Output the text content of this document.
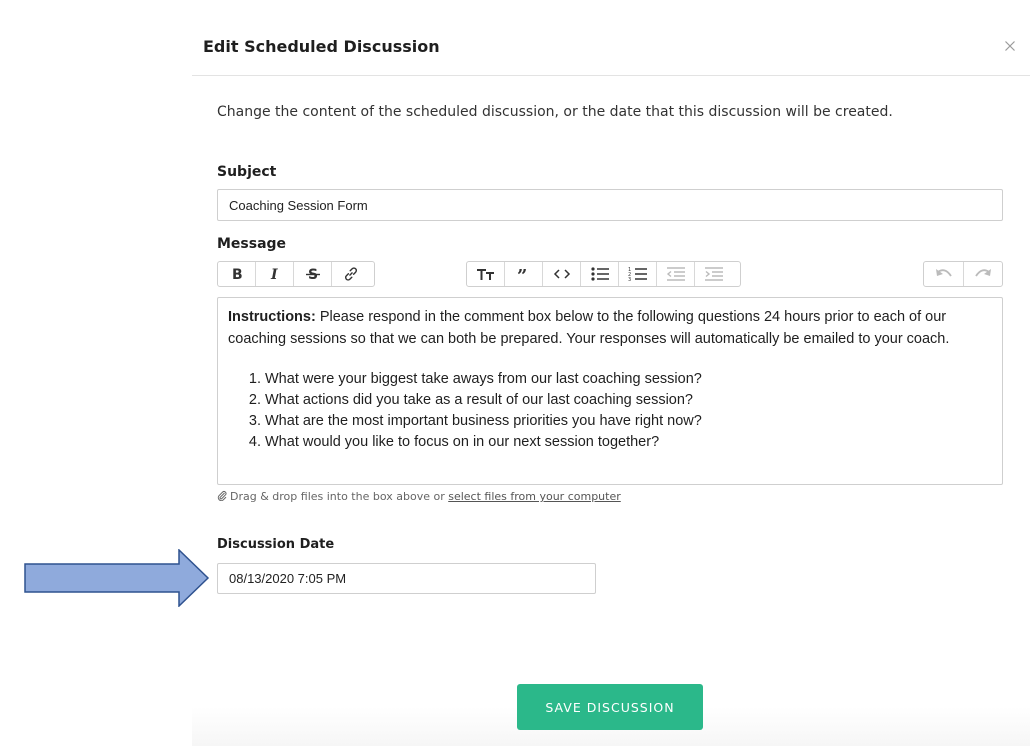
Edit Scheduled Discussion
Change the content of the scheduled discussion, or the date that this discussion will be created.
Subject
Coaching Session Form
Message
B I S	”	1
2
3

Instructions: Please respond in the comment box below to the following questions 24 hours prior to each of our coaching sessions so that we can both be prepared. Your responses will automatically be emailed to your coach.

1. What were your biggest take aways from our last coaching session?
2. What actions did you take as a result of our last coaching session?
3. What are the most important business priorities you have right now?
4. What would you like to focus on in our next session together?
Drag & drop files into the box above or select files from your computer
Discussion Date
08/13/2020 7:05 PM
SAVE DISCUSSION
